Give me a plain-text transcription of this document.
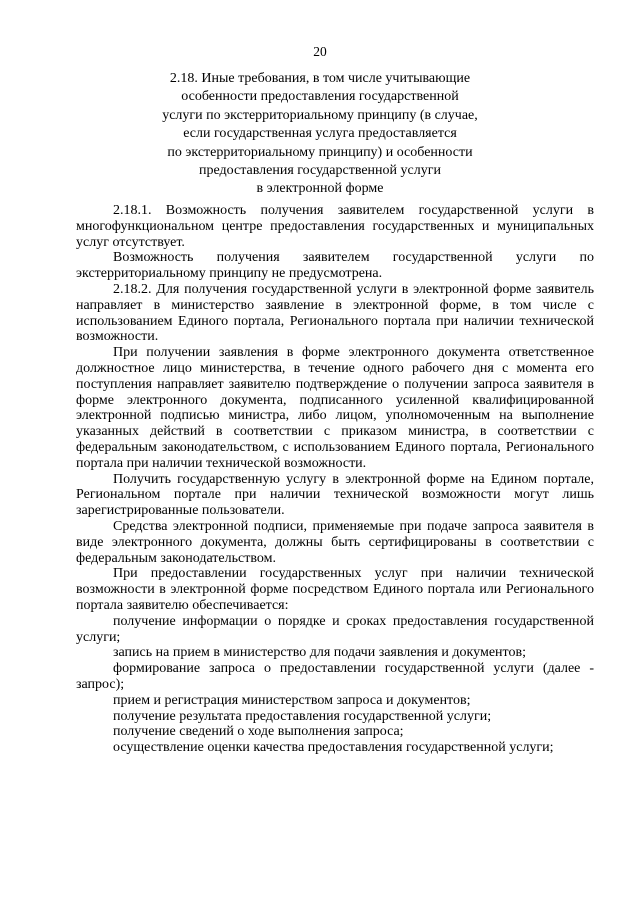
20
2.18. Иные требования, в том числе учитывающие
особенности предоставления государственной
услуги по экстерриториальному принципу (в случае,
если государственная услуга предоставляется
по экстерриториальному принципу) и особенности
предоставления государственной услуги
в электронной форме

2.18.1. Возможность получения заявителем государственной услуги в многофункциональном центре предоставления государственных и муниципальных услуг отсутствует.

Возможность получения заявителем государственной услуги по экстерриториальному принципу не предусмотрена.

2.18.2. Для получения государственной услуги в электронной форме заявитель направляет в министерство заявление в электронной форме, в том числе с использованием Единого портала, Регионального портала при наличии технической возможности.

При получении заявления в форме электронного документа ответственное должностное лицо министерства, в течение одного рабочего дня с момента его поступления направляет заявителю подтверждение о получении запроса заявителя в форме электронного документа, подписанного усиленной квалифицированной электронной подписью министра, либо лицом, уполномоченным на выполнение указанных действий в соответствии с приказом министра, в соответствии с федеральным законодательством, с использованием Единого портала, Регионального портала при наличии технической возможности.

Получить государственную услугу в электронной форме на Едином портале, Региональном портале при наличии технической возможности могут лишь зарегистрированные пользователи.

Средства электронной подписи, применяемые при подаче запроса заявителя в виде электронного документа, должны быть сертифицированы в соответствии с федеральным законодательством.

При предоставлении государственных услуг при наличии технической возможности в электронной форме посредством Единого портала или Регионального портала заявителю обеспечивается:

получение информации о порядке и сроках предоставления государственной услуги;

запись на прием в министерство для подачи заявления и документов;

формирование запроса о предоставлении государственной услуги (далее - запрос);

прием и регистрация министерством запроса и документов;

получение результата предоставления государственной услуги;

получение сведений о ходе выполнения запроса;

осуществление оценки качества предоставления государственной услуги;
